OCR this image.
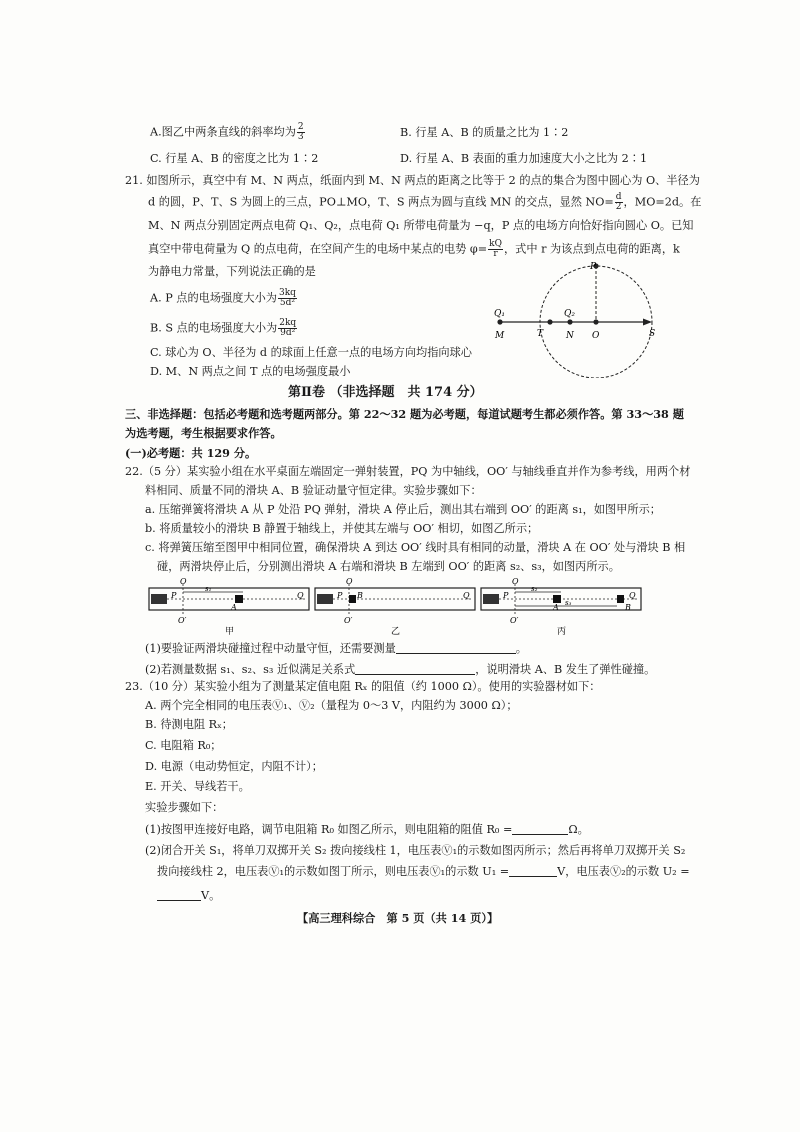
A.图乙中两条直线的斜率均为 $\frac{2}{3}$	B. 行星 A、B 的质量之比为 1∶2
C. 行星 A、B 的密度之比为 1∶2	D. 行星 A、B 表面的重力加速度大小之比为 2∶1
21. 如图所示，真空中有 M、N 两点，纸面内到 M、N 两点的距离之比等于 2 的点的集合为图中圆心为 O、半径为
d 的圆，P、T、S 为圆上的三点，PO⊥MO，T、S 两点为圆与直线 MN 的交点，显然 $NO= \frac{d}{2}$ ，MO=2d。在
M、N 两点分别固定两点电荷 Q₁、Q₂，点电荷 Q₁ 所带电荷量为 −q，P 点的电场方向恰好指向圆心 O。已知
真空中带电荷量为 Q 的点电荷，在空间产生的电场中某点的电势 $\varphi= \frac{kQ}{r}$ ，式中 r 为该点到点电荷的距离，k
为静电力常量，下列说法正确的是
A. P 点的电场强度大小为 $\frac{3kq}{\text{5d²}}$
B. S 点的电场强度大小为 $\frac{2kq}{\text{9d²}}$
C. 球心为 O、半径为 d 的球面上任意一点的电场方向均指向球心
D. M、N 两点之间 T 点的电场强度最小
P
Q₁	Q₂
M	T	N O	S
第Ⅱ卷 （非选择题　共 174 分）
三、非选择题：包括必考题和选考题两部分。第 22～32 题为必考题，每道试题考生都必须作答。第 33～38 题
为选考题，考生根据要求作答。
(一)必考题：共 129 分。
22.（5 分）某实验小组在水平桌面左端固定一弹射装置，PQ 为中轴线，OO′ 与轴线垂直并作为参考线，用两个材
料相同、质量不同的滑块 A、B 验证动量守恒定律。实验步骤如下：
a. 压缩弹簧将滑块 A 从 P 处沿 PQ 弹射，滑块 A 停止后，测出其右端到 OO′ 的距离 s₁，如图甲所示；
b. 将质量较小的滑块 B 静置于轴线上，并使其左端与 OO′ 相切，如图乙所示；
c. 将弹簧压缩至图甲中相同位置，确保滑块 A 到达 OO′ 线时具有相同的动量，滑块 A 在 OO′ 处与滑块 B 相
碰，两滑块停止后，分别测出滑块 A 右端和滑块 B 左端到 OO′ 的距离 s₂、s₃，如图丙所示。
O
P
s₁
A
Q
O′
甲
O
P B	Q
O′
乙
O
P
s₂
A s₃	B
Q
O′
丙
(1)要验证两滑块碰撞过程中动量守恒，还需要测量	。
(2)若测量数据 s₁、s₂、s₃ 近似满足关系式	，说明滑块 A、B 发生了弹性碰撞。
23.（10 分）某实验小组为了测量某定值电阻 Rₓ 的阻值（约 1000 Ω）。使用的实验器材如下：
A. 两个完全相同的电压表Ⓥ₁、Ⓥ₂（量程为 0～3 V，内阻约为 3000 Ω）；
B. 待测电阻 Rₓ；
C. 电阻箱 R₀；
D. 电源（电动势恒定，内阻不计）；
E. 开关、导线若干。
实验步骤如下：
(1)按图甲连接好电路，调节电阻箱 R₀ 如图乙所示，则电阻箱的阻值 R₀ =	Ω。
(2)闭合开关 S₁，将单刀双掷开关 S₂ 拨向接线柱 1，电压表Ⓥ₁的示数如图丙所示；然后再将单刀双掷开关 S₂
拨向接线柱 2，电压表Ⓥ₁的示数如图丁所示，则电压表Ⓥ₁的示数 U₁ =	V，电压表Ⓥ₂的示数 U₂ =
V。
【高三理科综合　第 5 页（共 14 页）】
